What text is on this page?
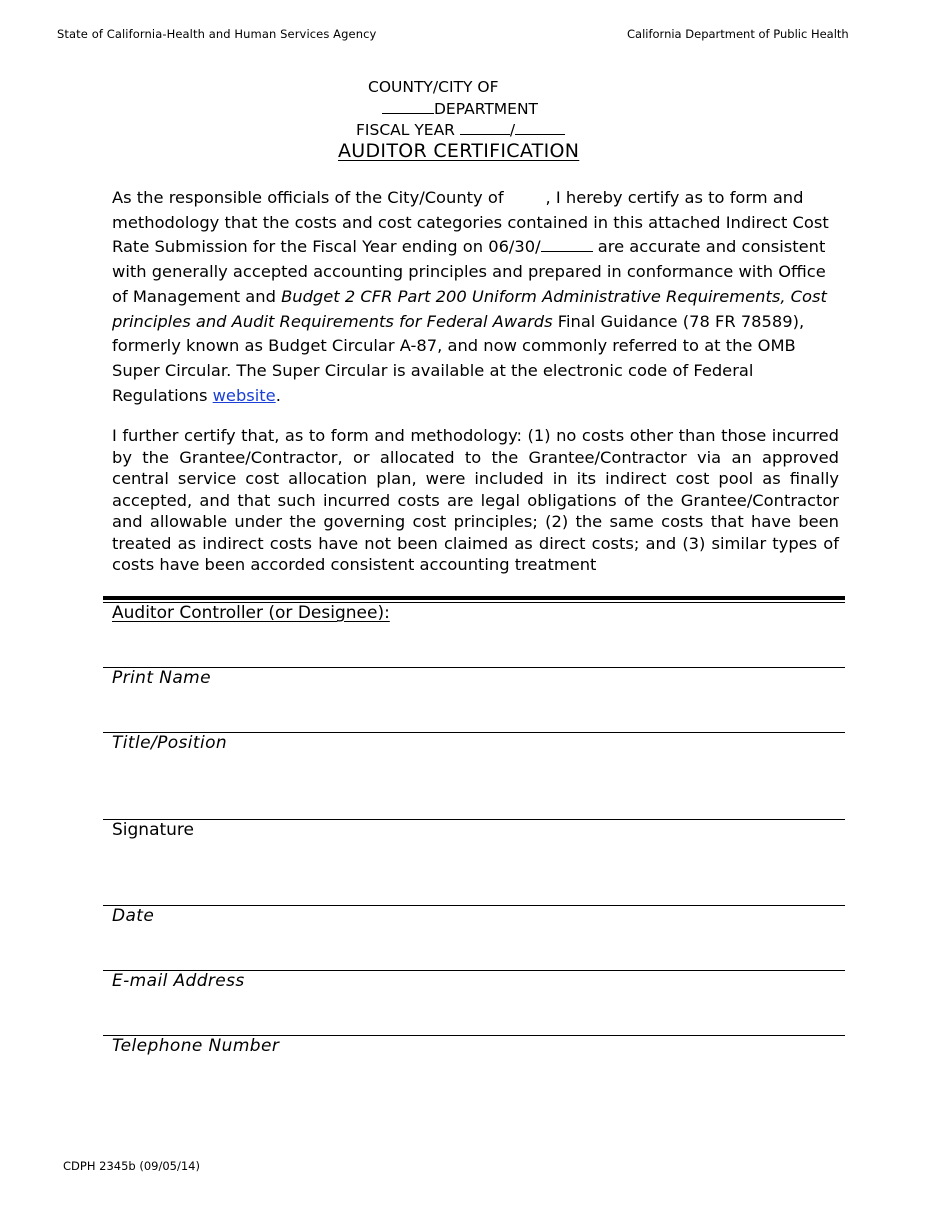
State of California-Health and Human Services Agency	California Department of Public Health
COUNTY/CITY OF
DEPARTMENT
FISCAL YEAR	/
AUDITOR CERTIFICATION
As the responsible officials of the City/County of	, I hereby certify as to form and methodology that the costs and cost categories contained in this attached Indirect Cost Rate Submission for the Fiscal Year ending on 06/30/	are accurate and consistent with generally accepted accounting principles and prepared in conformance with Office of Management and Budget 2 CFR Part 200 Uniform Administrative Requirements, Cost principles and Audit Requirements for Federal Awards Final Guidance (78 FR 78589), formerly known as Budget Circular A-87, and now commonly referred to at the OMB Super Circular. The Super Circular is available at the electronic code of Federal Regulations website.
I further certify that, as to form and methodology: (1) no costs other than those incurred by the Grantee/Contractor, or allocated to the Grantee/Contractor via an approved central service cost allocation plan, were included in its indirect cost pool as finally accepted, and that such incurred costs are legal obligations of the Grantee/Contractor and allowable under the governing cost principles; (2) the same costs that have been treated as indirect costs have not been claimed as direct costs; and (3) similar types of costs have been accorded consistent accounting treatment
Auditor Controller (or Designee):
Print Name
Title/Position
Signature
Date
E-mail Address
Telephone Number
CDPH 2345b (09/05/14)
